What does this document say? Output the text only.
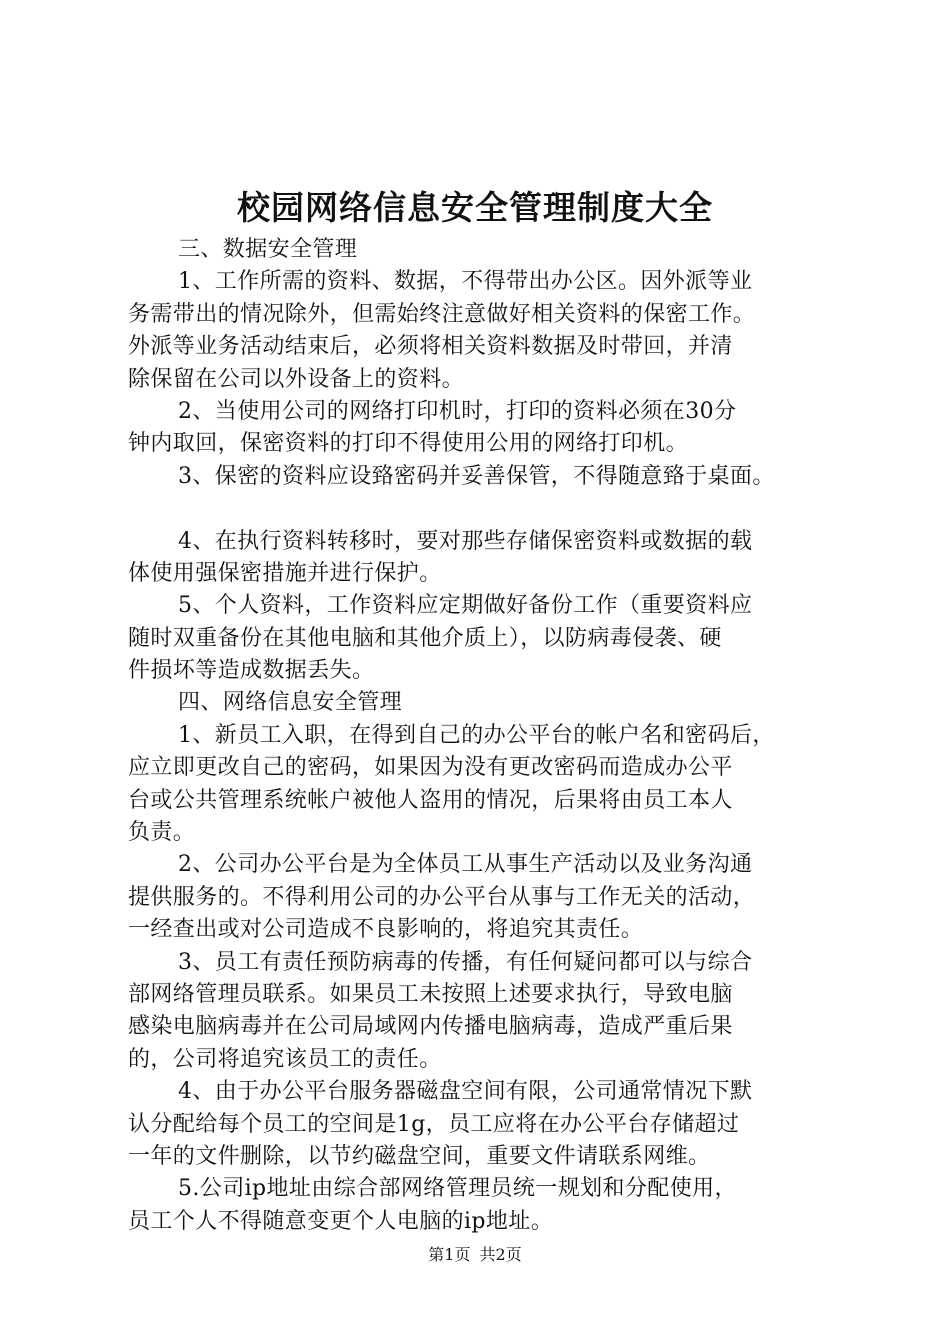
校园网络信息安全管理制度大全
三、数据安全管理
1、工作所需的资料、数据，不得带出办公区。因外派等业
务需带出的情况除外，但需始终注意做好相关资料的保密工作。
外派等业务活动结束后，必须将相关资料数据及时带回，并清
除保留在公司以外设备上的资料。
2、当使用公司的网络打印机时，打印的资料必须在30分
钟内取回，保密资料的打印不得使用公用的网络打印机。
3、保密的资料应设臵密码并妥善保管，不得随意臵于桌面。
4、在执行资料转移时，要对那些存储保密资料或数据的载
体使用强保密措施并进行保护。
5、个人资料，工作资料应定期做好备份工作（重要资料应
随时双重备份在其他电脑和其他介质上），以防病毒侵袭、硬
件损坏等造成数据丢失。
四、网络信息安全管理
1、新员工入职，在得到自己的办公平台的帐户名和密码后，
应立即更改自己的密码，如果因为没有更改密码而造成办公平
台或公共管理系统帐户被他人盗用的情况，后果将由员工本人
负责。
2、公司办公平台是为全体员工从事生产活动以及业务沟通
提供服务的。不得利用公司的办公平台从事与工作无关的活动，
一经查出或对公司造成不良影响的，将追究其责任。
3、员工有责任预防病毒的传播，有任何疑问都可以与综合
部网络管理员联系。如果员工未按照上述要求执行，导致电脑
感染电脑病毒并在公司局域网内传播电脑病毒，造成严重后果
的，公司将追究该员工的责任。
4、由于办公平台服务器磁盘空间有限，公司通常情况下默
认分配给每个员工的空间是1g，员工应将在办公平台存储超过
一年的文件删除，以节约磁盘空间，重要文件请联系网维。
5.公司ip地址由综合部网络管理员统一规划和分配使用，
员工个人不得随意变更个人电脑的ip地址。
第1页 共2页
